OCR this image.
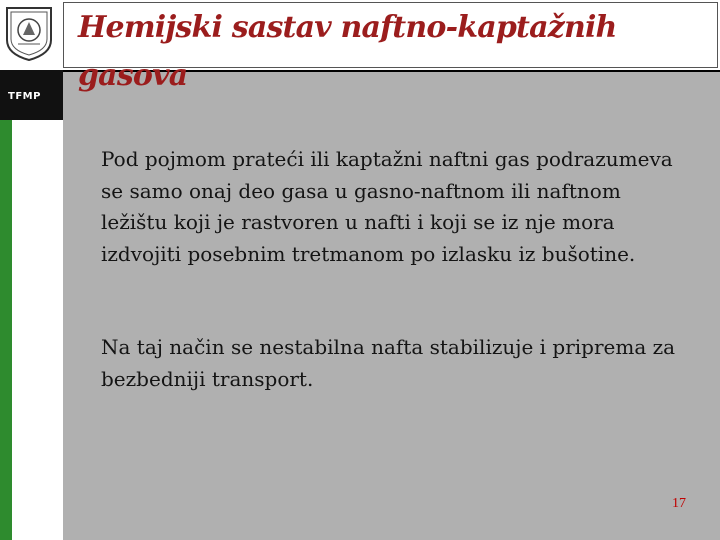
TFMP
Hemijski sastav naftno-kaptažnih gasova

Pod pojmom prateći ili kaptažni naftni gas podrazumeva se samo onaj deo gasa u gasno-naftnom ili naftnom ležištu koji je rastvoren u nafti i koji se iz nje mora izdvojiti posebnim tretmanom po izlasku iz bušotine.

Na taj način se nestabilna nafta stabilizuje i priprema za bezbedniji transport.

17
